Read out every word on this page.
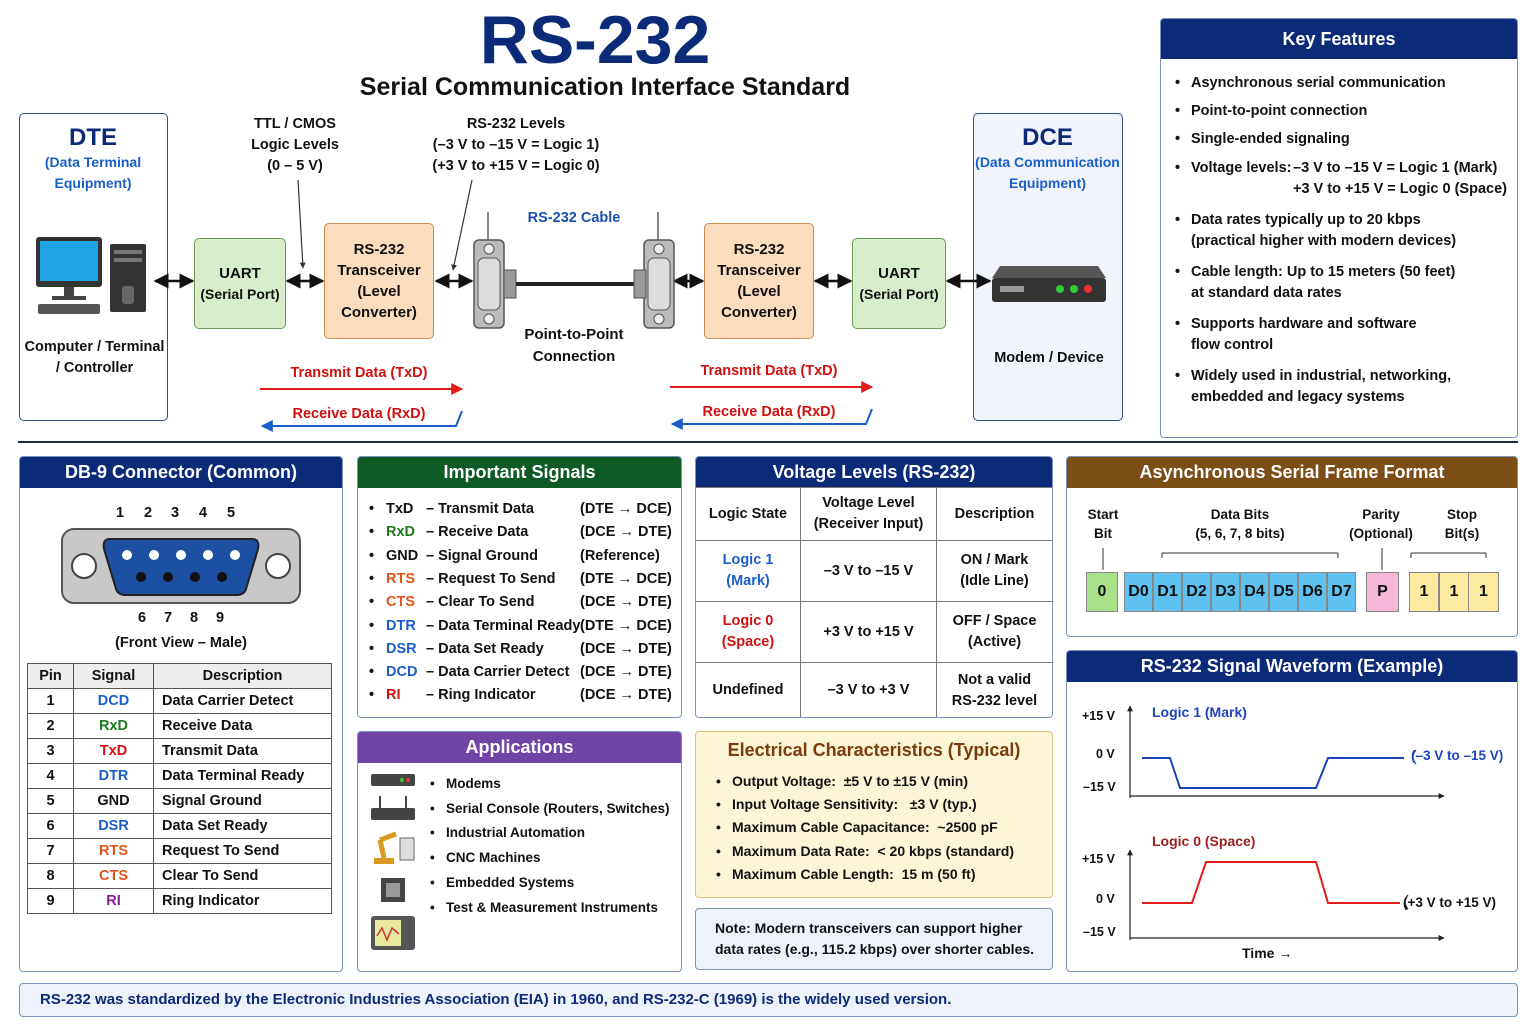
RS-232
Serial Communication Interface Standard
DTE
(Data Terminal
Equipment)
Computer / Terminal
/ Controller
DCE
(Data Communication
Equipment)
Modem / Device
UART
(Serial Port)
RS-232
Transceiver
(Level
Converter)
RS-232
Transceiver
(Level
Converter)
UART
(Serial Port)
TTL / CMOS
Logic Levels
(0 – 5 V)
RS-232 Levels
(–3 V to –15 V = Logic 1)
(+3 V to +15 V = Logic 0)
RS-232 Cable
Point-to-Point
Connection
Transmit Data (TxD)
Receive Data (RxD)
Transmit Data (TxD)
Receive Data (RxD)
Key Features
• Asynchronous serial communication
• Point-to-point connection
• Single-ended signaling
• Voltage levels: –3 V to –15 V = Logic 1 (Mark)

+3 V to +15 V = Logic 0 (Space)

• Data rates typically up to 20 kbps
(practical higher with modern devices)
• Cable length: Up to 15 meters (50 feet)
at standard data rates
• Supports hardware and software
flow control
• Widely used in industrial, networking,
embedded and legacy systems
DB-9 Connector (Common)
1 2 3 4 5
6 7 8 9
(Front View – Male)
Pin	Signal	Description
1	DCD	Data Carrier Detect
2	RxD	Receive Data
3	TxD	Transmit Data
4	DTR	Data Terminal Ready
5	GND	Signal Ground
6	DSR	Data Set Ready
7	RTS	Request To Send
8	CTS	Clear To Send
9	RI	Ring Indicator
Important Signals
• TxD – Transmit Data	(DTE → DCE)
• RxD – Receive Data	(DCE → DTE)
• GND – Signal Ground	(Reference)
• RTS – Request To Send (DTE → DCE)
• CTS – Clear To Send	(DCE → DTE)
• DTR – Data Terminal Ready (DTE → DCE)
• DSR – Data Set Ready	(DCE → DTE)
• DCD – Data Carrier Detect (DCE → DTE)
• RI – Ring Indicator	(DCE → DTE)
Applications
• Modems
• Serial Console (Routers, Switches)
• Industrial Automation
• CNC Machines
• Embedded Systems
• Test & Measurement Instruments
Voltage Levels (RS-232)
Logic State	Voltage Level
(Receiver Input)	Description
Logic 1
(Mark)	–3 V to –15 V	ON / Mark
(Idle Line)
Logic 0
(Space)	+3 V to +15 V	OFF / Space
(Active)
Undefined	–3 V to +3 V	Not a valid
RS-232 level
Electrical Characteristics (Typical)
• Output Voltage:  ±5 V to ±15 V (min)
• Input Voltage Sensitivity:   ±3 V (typ.)
• Maximum Cable Capacitance:  ~2500 pF
• Maximum Data Rate:  < 20 kbps (standard)
• Maximum Cable Length:  15 m (50 ft)
Note: Modern transceivers can support higher
data rates (e.g., 115.2 kbps) over shorter cables.
Asynchronous Serial Frame Format
Start
Bit
Data Bits
(5, 6, 7, 8 bits)
Parity
(Optional)
Stop
Bit(s)
0	D0 D1 D2 D3 D4 D5 D6 D7	P	1	1	1
RS-232 Signal Waveform (Example)
+15 V
0 V
–15 V
+15 V
0 V
–15 V
Logic 1 (Mark)
(–3 V to –15 V)
Logic 0 (Space)
(+3 V to +15 V)
Time →
RS-232 was standardized by the Electronic Industries Association (EIA) in 1960, and RS-232-C (1969) is the widely used version.
